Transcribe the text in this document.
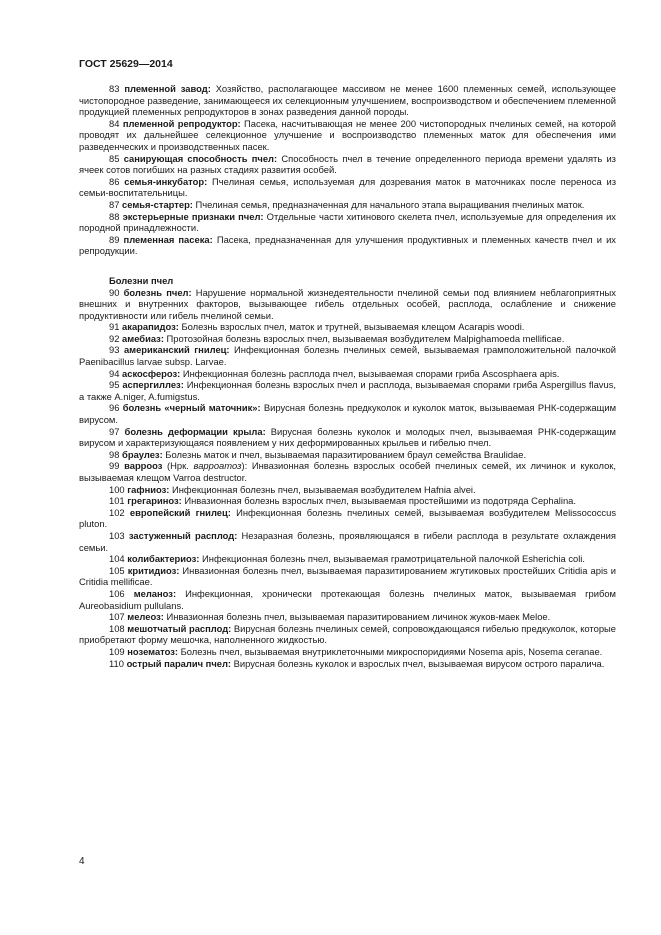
ГОСТ 25629—2014

83 племенной завод: Хозяйство, располагающее массивом не менее 1600 племенных семей, использующее чистопородное разведение, занимающееся их селекционным улучшением, воспроизводством и обеспечением племенной продукцией племенных репродукторов в зонах разведения данной породы.

84 племенной репродуктор: Пасека, насчитывающая не менее 200 чистопородных пчелиных семей, на которой проводят их дальнейшее селекционное улучшение и воспроизводство племенных маток для обеспечения ими разведенческих и производственных пасек.

85 санирующая способность пчел: Способность пчел в течение определенного периода времени удалять из ячеек сотов погибших на разных стадиях развития особей.

86 семья-инкубатор: Пчелиная семья, используемая для дозревания маток в маточниках после переноса из семьи-воспитательницы.

87 семья-стартер: Пчелиная семья, предназначенная для начального этапа выращивания пчелиных маток.

88 экстерьерные признаки пчел: Отдельные части хитинового скелета пчел, используемые для определения их породной принадлежности.

89 племенная пасека: Пасека, предназначенная для улучшения продуктивных и племенных качеств пчел и их репродукции.

Болезни пчел

90 болезнь пчел: Нарушение нормальной жизнедеятельности пчелиной семьи под влиянием неблагоприятных внешних и внутренних факторов, вызывающее гибель отдельных особей, расплода, ослабление и снижение продуктивности или гибель пчелиной семьи.

91 акарапидоз: Болезнь взрослых пчел, маток и трутней, вызываемая клещом Acarapis woodi.

92 амебиаз: Протозойная болезнь взрослых пчел, вызываемая возбудителем Malpighamoeda mellificae.

93 американский гнилец: Инфекционная болезнь пчелиных семей, вызываемая грамположительной палочкой Paenibacillus larvae subsp. Larvae.

94 аскосфероз: Инфекционная болезнь расплода пчел, вызываемая спорами гриба Ascosphaera apis.

95 аспергиллез: Инфекционная болезнь взрослых пчел и расплода, вызываемая спорами гриба Aspergillus flavus, а также A.niger, A.fumigstus.

96 болезнь «черный маточник»: Вирусная болезнь предкуколок и куколок маток, вызываемая РНК-содержащим вирусом.

97 болезнь деформации крыла: Вирусная болезнь куколок и молодых пчел, вызываемая РНК-содержащим вирусом и характеризующаяся появлением у них деформированных крыльев и гибелью пчел.

98 браулез: Болезнь маток и пчел, вызываемая паразитированием браул семейства Braulidae.

99 варрооз (Нрк. варроатоз): Инвазионная болезнь взрослых особей пчелиных семей, их личинок и куколок, вызываемая клещом Varroa destructor.

100 гафниоз: Инфекционная болезнь пчел, вызываемая возбудителем Hafnia alvei.

101 грегариноз: Инвазионная болезнь взрослых пчел, вызываемая простейшими из подотряда Cephalina.

102 европейский гнилец: Инфекционная болезнь пчелиных семей, вызываемая возбудителем Melissococcus pluton.

103 застуженный расплод: Незаразная болезнь, проявляющаяся в гибели расплода в результате охлаждения семьи.

104 колибактериоз: Инфекционная болезнь пчел, вызываемая грамотрицательной палочкой Esherichia coli.

105 критидиоз: Инвазионная болезнь пчел, вызываемая паразитированием жгутиковых простейших Critidia apis и Critidia mellificae.

106 меланоз: Инфекционная, хронически протекающая болезнь пчелиных маток, вызываемая грибом Aureobasidium pullulans.

107 мелеоз: Инвазионная болезнь пчел, вызываемая паразитированием личинок жуков-маек Meloe.

108 мешотчатый расплод: Вирусная болезнь пчелиных семей, сопровождающаяся гибелью предкуколок, которые приобретают форму мешочка, наполненного жидкостью.

109 нозематоз: Болезнь пчел, вызываемая внутриклеточными микроспоридиями Nosema apis, Nosema ceranae.

110 острый паралич пчел: Вирусная болезнь куколок и взрослых пчел, вызываемая вирусом острого паралича.

4
